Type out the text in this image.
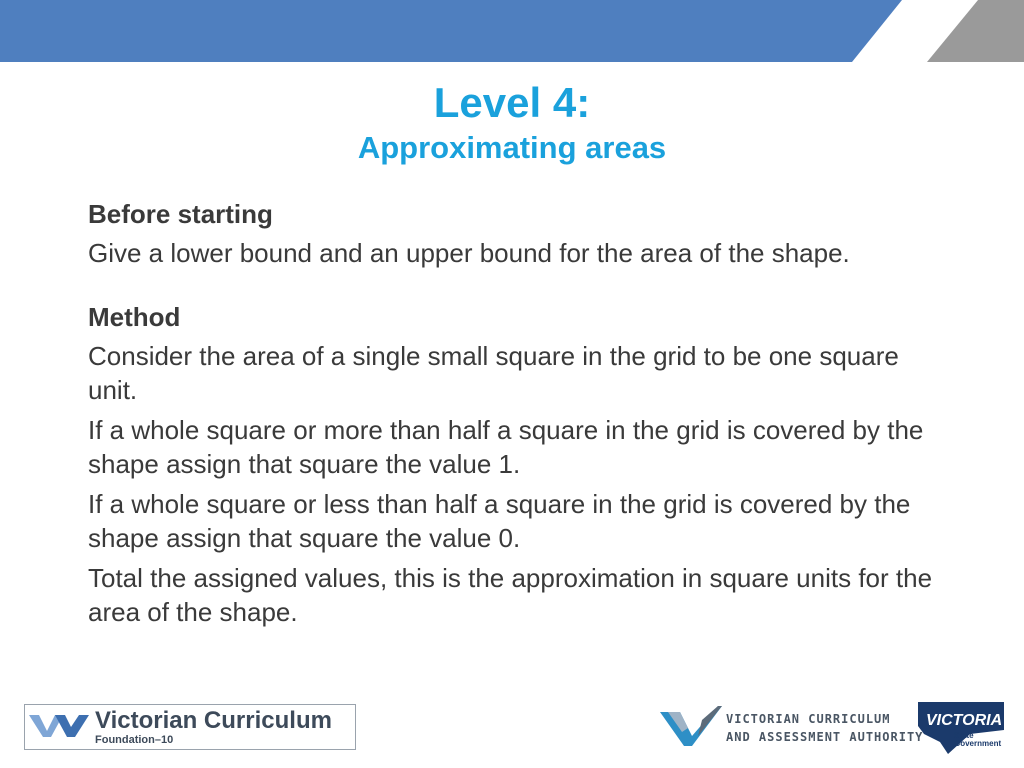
Level 4:
Approximating areas
Before starting
Give a lower bound and an upper bound for the area of the shape.
Method
Consider the area of a single small square in the grid to be one square unit.
If a whole square or more than half a square in the grid is covered by the shape assign that square the value 1.
If a whole square or less than half a square in the grid is covered by the shape assign that square the value 0.
Total the assigned values, this is the approximation in square units for the area of the shape.
Victorian Curriculum
Foundation–10
VICTORIAN CURRICULUM
AND ASSESSMENT AUTHORITY
VICTORIA
State
Government
